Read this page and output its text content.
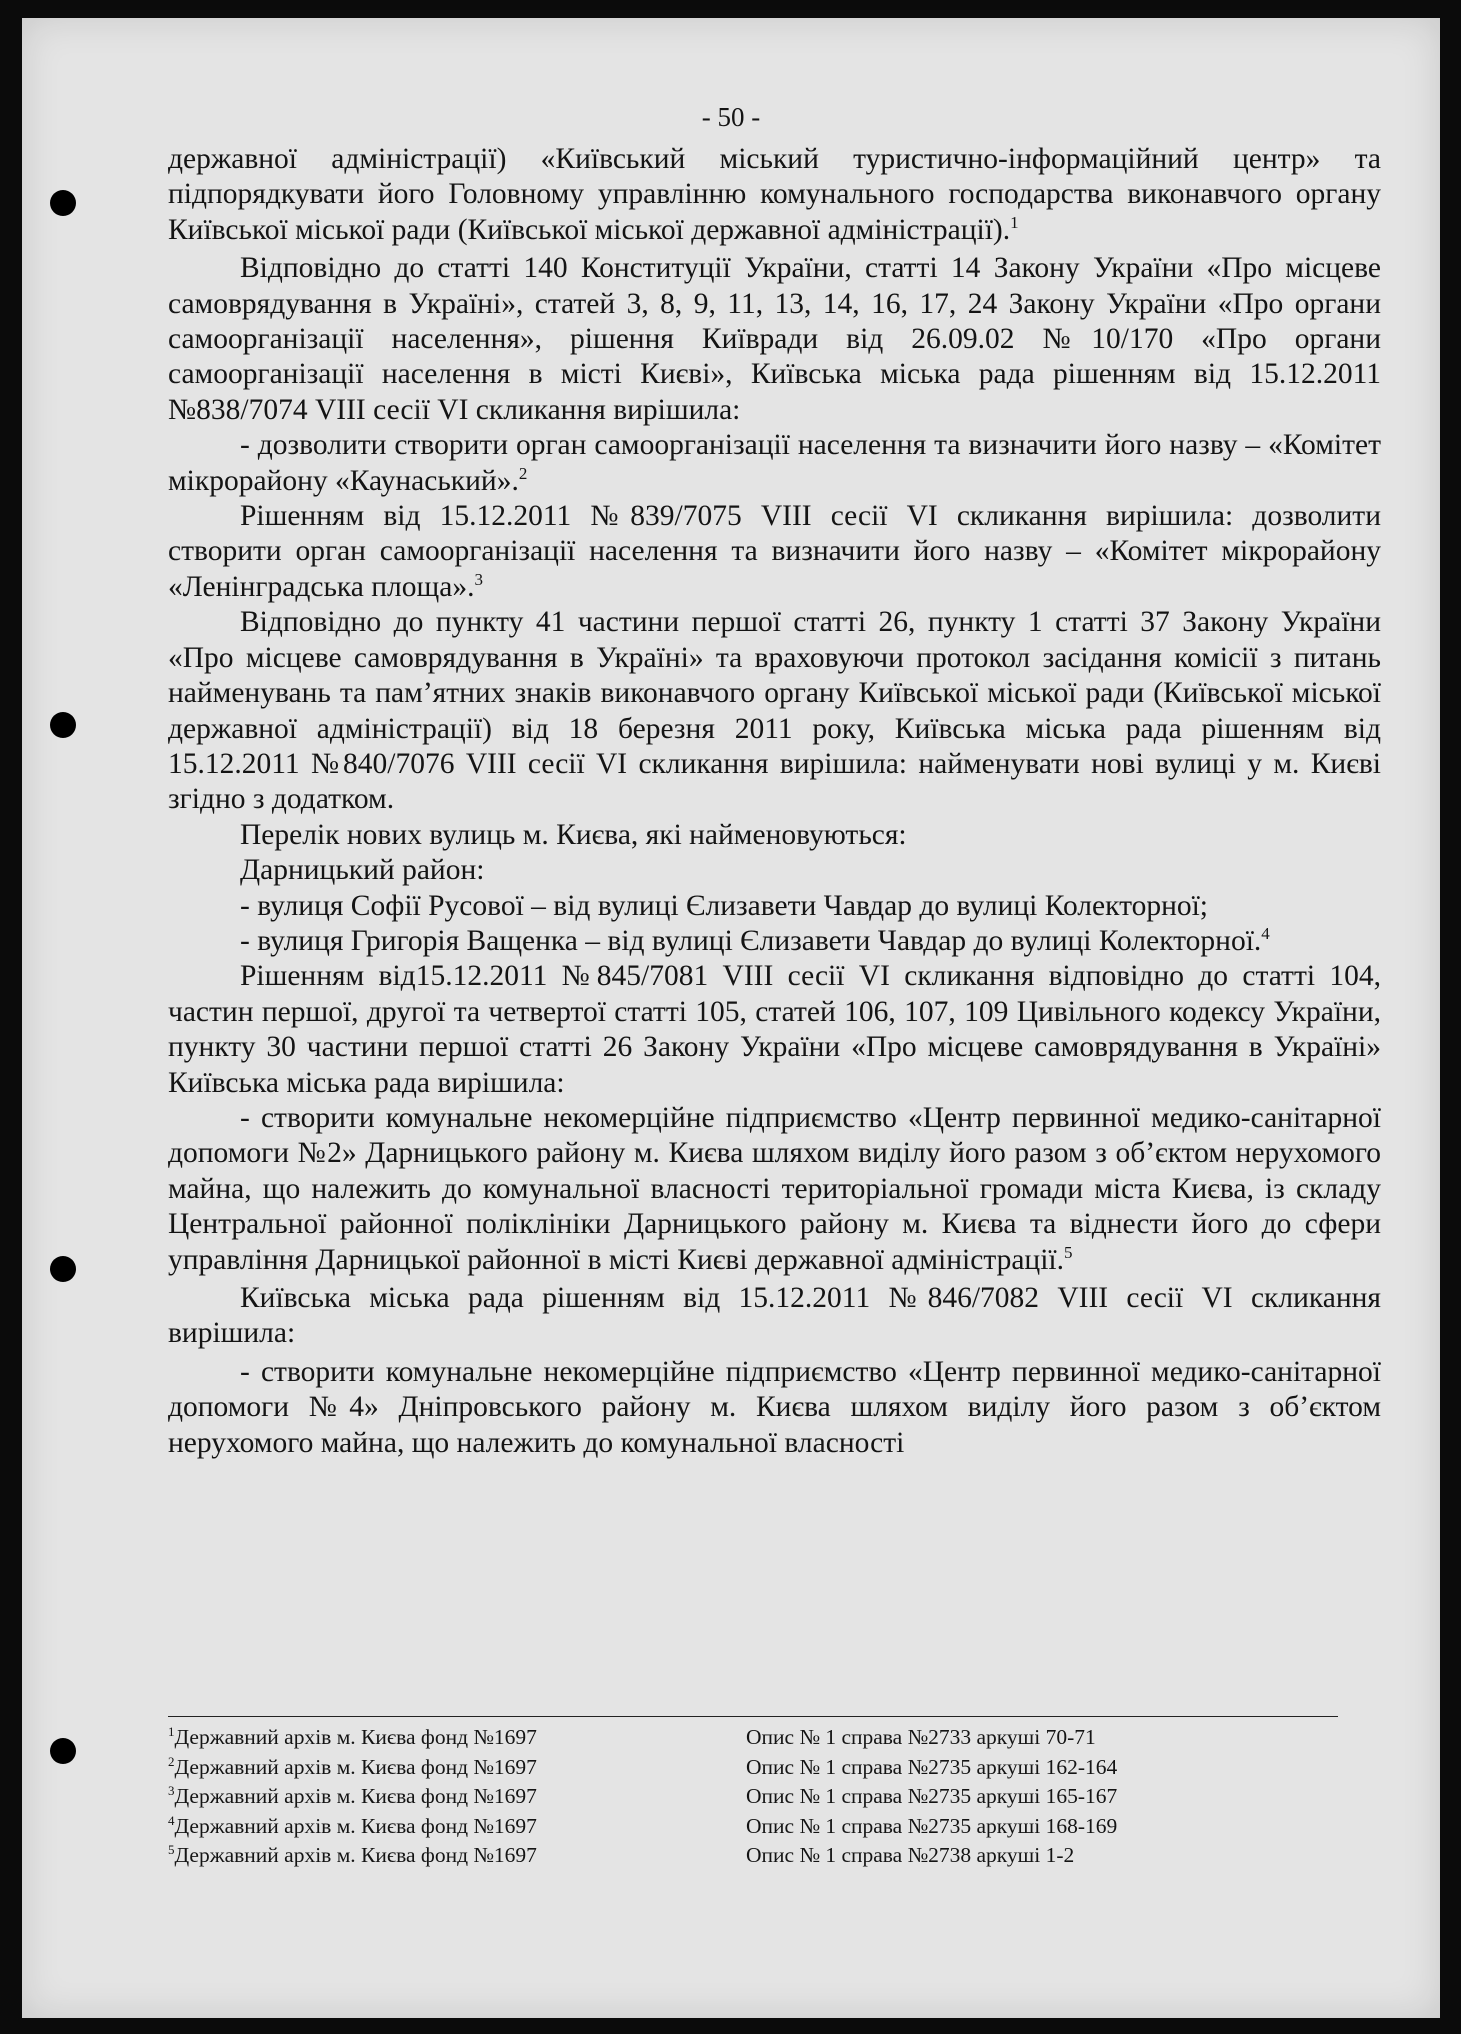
- 50 -

державної адміністрації) «Київський міський туристично-інформаційний центр» та підпорядкувати його Головному управлінню комунального господарства виконавчого органу Київської міської ради (Київської міської державної адміністрації).$^1$

Відповідно до статті 140 Конституції України, статті 14 Закону України «Про місцеве самоврядування в Україні», статей 3, 8, 9, 11, 13, 14, 16, 17, 24 Закону України «Про органи самоорганізації населення», рішення Київради від 26.09.02 №10/170 «Про органи самоорганізації населення в місті Києві», Київська міська рада рішенням від 15.12.2011 №838/7074 VIII сесії VI скликання вирішила:

- дозволити створити орган самоорганізації населення та визначити його назву – «Комітет мікрорайону «Каунаський».$^2$

Рішенням від 15.12.2011 №839/7075 VIII сесії VI скликання вирішила: дозволити створити орган самоорганізації населення та визначити його назву – «Комітет мікрорайону «Ленінградська площа».$^3$

Відповідно до пункту 41 частини першої статті 26, пункту 1 статті 37 Закону України «Про місцеве самоврядування в Україні» та враховуючи протокол засідання комісії з питань найменувань та пам’ятних знаків виконавчого органу Київської міської ради (Київської міської державної адміністрації) від 18 березня 2011 року, Київська міська рада рішенням від 15.12.2011 №840/7076 VIII сесії VI скликання вирішила: найменувати нові вулиці у м. Києві згідно з додатком.

Перелік нових вулиць м. Києва, які найменовуються:

Дарницький район:

- вулиця Софії Русової – від вулиці Єлизавети Чавдар до вулиці Колекторної;

- вулиця Григорія Ващенка – від вулиці Єлизавети Чавдар до вулиці Колекторної.$^4$

Рішенням від15.12.2011 №845/7081 VIII сесії VI скликання відповідно до статті 104, частин першої, другої та четвертої статті 105, статей 106, 107, 109 Цивільного кодексу України, пункту 30 частини першої статті 26 Закону України «Про місцеве самоврядування в Україні» Київська міська рада вирішила:

- створити комунальне некомерційне підприємство «Центр первинної медико-санітарної допомоги №2» Дарницького району м. Києва шляхом виділу його разом з об’єктом нерухомого майна, що належить до комунальної власності територіальної громади міста Києва, із складу Центральної районної поліклініки Дарницького району м. Києва та віднести його до сфери управління Дарницької районної в місті Києві державної адміністрації.$^5$

Київська міська рада рішенням від 15.12.2011 №846/7082 VIII сесії VI скликання вирішила:

- створити комунальне некомерційне підприємство «Центр первинної медико-санітарної допомоги №4» Дніпровського району м. Києва шляхом виділу його разом з об’єктом нерухомого майна, що належить до комунальної власності

$^1$Державний архів м. Києва фонд №1697	Опис № 1 справа №2733 аркуші 70-71
$^2$Державний архів м. Києва фонд №1697	Опис № 1 справа №2735 аркуші 162-164
$^3$Державний архів м. Києва фонд №1697	Опис № 1 справа №2735 аркуші 165-167
$^4$Державний архів м. Києва фонд №1697	Опис № 1 справа №2735 аркуші 168-169
$^5$Державний архів м. Києва фонд №1697	Опис № 1 справа №2738 аркуші 1-2
